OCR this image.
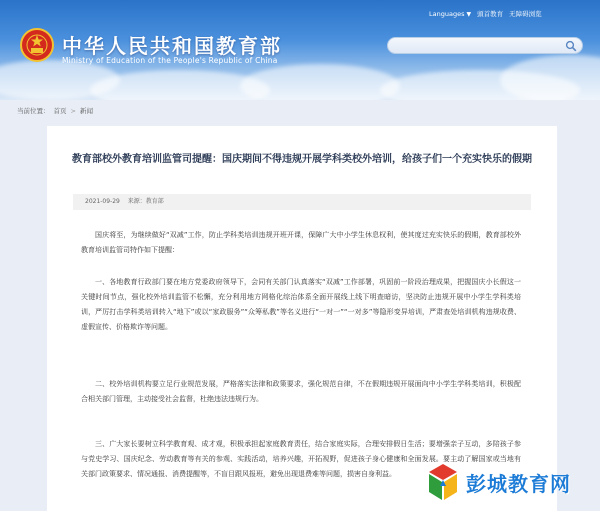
中华人民共和国教育部
Ministry of Education of the People's Republic of China
Languages ▼ 頭首教育 无障碍浏览
当前位置： 首页 > 新闻
教育部校外教育培训监管司提醒：国庆期间不得违规开展学科类校外培训，给孩子们一个充实快乐的假期
2021-09-29 来源：教育部

国庆将至，为继续做好“双减”工作，防止学科类培训违规开班开课，保障广大中小学生休息权利，使其度过充实快乐的假期，教育部校外教育培训监管司特作如下提醒：

一、各地教育行政部门要在地方党委政府领导下，会同有关部门认真落实“双减”工作部署，巩固前一阶段治理成果，把握国庆小长假这一关键时间节点，强化校外培训监管不松懈，充分利用地方网格化综治体系全面开展线上线下明查暗访，坚决防止违规开展中小学生学科类培训，严厉打击学科类培训转入“地下”或以“家政服务”“众筹私教”等名义进行“一对一”“一对多”等隐形变异培训，严肃查处培训机构违规收费、虚假宣传、价格欺诈等问题。

二、校外培训机构要立足行业规范发展，严格落实法律和政策要求，强化规范自律，不在假期违规开展面向中小学生学科类培训，积极配合相关部门管理，主动接受社会监督，杜绝违法违规行为。

三、广大家长要树立科学教育观、成才观，积极承担起家庭教育责任，结合家庭实际，合理安排假日生活；要增强亲子互动，多陪孩子参与党史学习、国庆纪念、劳动教育等有关的参观、实践活动，培养兴趣，开拓视野，促进孩子身心健康和全面发展。要主动了解国家或当地有关部门政策要求、情况通报、消费提醒等，不盲目跟风报班，避免出现退费难等问题，损害自身利益。	彭城教育网
